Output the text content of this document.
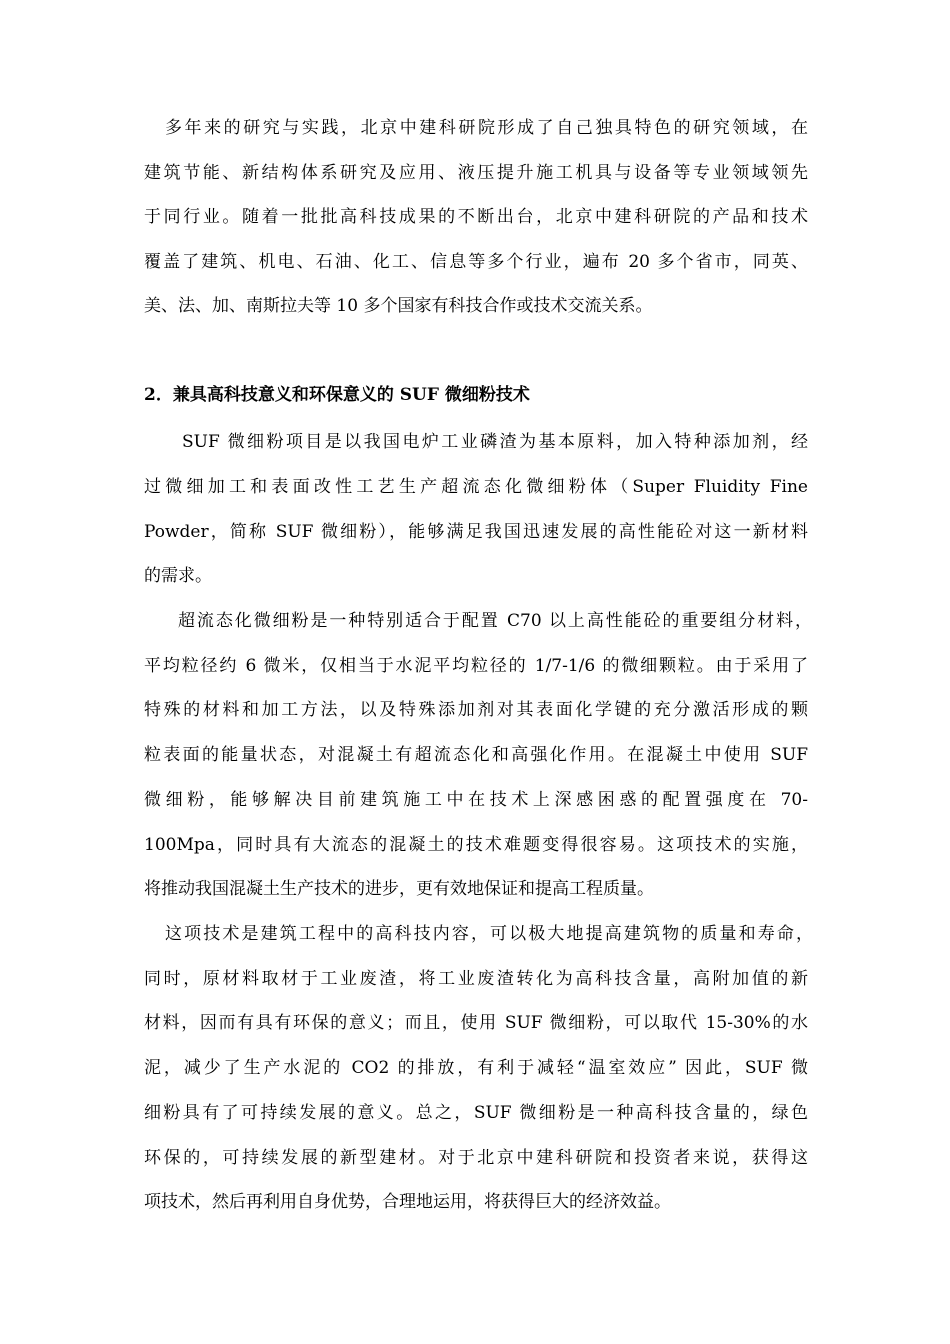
多年来的研究与实践，北京中建科研院形成了自己独具特色的研究领域，在
建筑节能、新结构体系研究及应用、液压提升施工机具与设备等专业领域领先
于同行业。随着一批批高科技成果的不断出台，北京中建科研院的产品和技术
覆盖了建筑、机电、石油、化工、信息等多个行业，遍布 20 多个省市，同英、
美、法、加、南斯拉夫等 10 多个国家有科技合作或技术交流关系。
2．兼具高科技意义和环保意义的 SUF 微细粉技术
SUF 微细粉项目是以我国电炉工业磷渣为基本原料，加入特种添加剂，经
过微细加工和表面改性工艺生产超流态化微细粉体（Super Fluidity Fine
Powder，简称 SUF 微细粉），能够满足我国迅速发展的高性能砼对这一新材料
的需求。
超流态化微细粉是一种特别适合于配置 C70 以上高性能砼的重要组分材料，
平均粒径约 6 微米，仅相当于水泥平均粒径的 1/7-1/6 的微细颗粒。由于采用了
特殊的材料和加工方法，以及特殊添加剂对其表面化学键的充分激活形成的颗
粒表面的能量状态，对混凝土有超流态化和高强化作用。在混凝土中使用 SUF
微细粉，能够解决目前建筑施工中在技术上深感困惑的配置强度在 70-
100Mpa，同时具有大流态的混凝土的技术难题变得很容易。这项技术的实施，
将推动我国混凝土生产技术的进步，更有效地保证和提高工程质量。
这项技术是建筑工程中的高科技内容，可以极大地提高建筑物的质量和寿命，
同时，原材料取材于工业废渣，将工业废渣转化为高科技含量，高附加值的新
材料，因而有具有环保的意义；而且，使用 SUF 微细粉，可以取代 15-30%的水
泥，减少了生产水泥的 CO2 的排放，有利于减轻“温室效应” 因此，SUF 微
细粉具有了可持续发展的意义。总之，SUF 微细粉是一种高科技含量的，绿色
环保的，可持续发展的新型建材。对于北京中建科研院和投资者来说，获得这
项技术，然后再利用自身优势，合理地运用，将获得巨大的经济效益。
